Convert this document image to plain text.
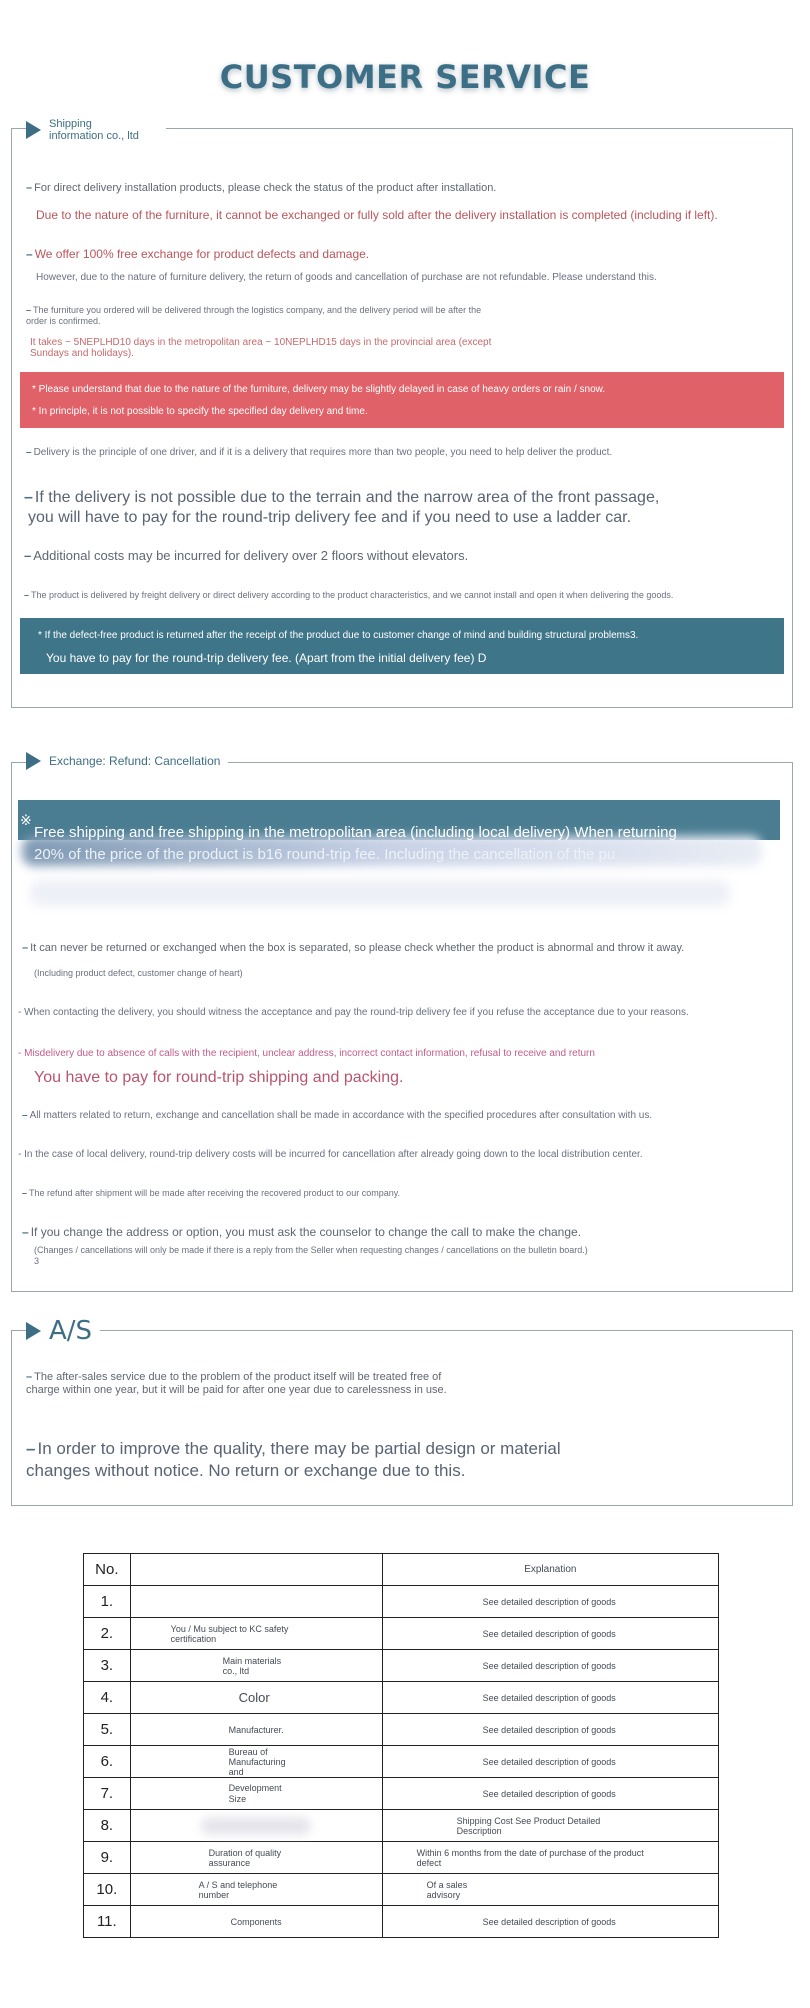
CUSTOMER SERVICE
Shipping information co., ltd
– For direct delivery installation products, please check the status of the product after installation.
Due to the nature of the furniture, it cannot be exchanged or fully sold after the delivery installation is completed (including if left).
– We offer 100% free exchange for product defects and damage.
However, due to the nature of furniture delivery, the return of goods and cancellation of purchase are not refundable. Please understand this.
– The furniture you ordered will be delivered through the logistics company, and the delivery period will be after the order is confirmed.
It takes ~ 5NEPLHD10 days in the metropolitan area ~ 10NEPLHD15 days in the provincial area (except Sundays and holidays).
* Please understand that due to the nature of the furniture, delivery may be slightly delayed in case of heavy orders or rain / snow.
* In principle, it is not possible to specify the specified day delivery and time.
– Delivery is the principle of one driver, and if it is a delivery that requires more than two people, you need to help deliver the product.
– If the delivery is not possible due to the terrain and the narrow area of the front passage,
you will have to pay for the round-trip delivery fee and if you need to use a ladder car.
– Additional costs may be incurred for delivery over 2 floors without elevators.
– The product is delivered by freight delivery or direct delivery according to the product characteristics, and we cannot install and open it when delivering the goods.
* If the defect-free product is returned after the receipt of the product due to customer change of mind and building structural problems3.
You have to pay for the round-trip delivery fee. (Apart from the initial delivery fee) D
Exchange: Refund: Cancellation
※
Free shipping and free shipping in the metropolitan area (including local delivery) When returning
20% of the price of the product is b16 round-trip fee. Including the cancellation of the pu
– It can never be returned or exchanged when the box is separated, so please check whether the product is abnormal and throw it away.
(Including product defect, customer change of heart)
- When contacting the delivery, you should witness the acceptance and pay the round-trip delivery fee if you refuse the acceptance due to your reasons.
- Misdelivery due to absence of calls with the recipient, unclear address, incorrect contact information, refusal to receive and return
You have to pay for round-trip shipping and packing.
– All matters related to return, exchange and cancellation shall be made in accordance with the specified procedures after consultation with us.
- In the case of local delivery, round-trip delivery costs will be incurred for cancellation after already going down to the local distribution center.
– The refund after shipment will be made after receiving the recovered product to our company.
– If you change the address or option, you must ask the counselor to change the call to make the change.
(Changes / cancellations will only be made if there is a reply from the Seller when requesting changes / cancellations on the bulletin board.) 3
A/S
– The after-sales service due to the problem of the product itself will be treated free of charge within one year, but it will be paid for after one year due to carelessness in use.
– In order to improve the quality, there may be partial design or material changes without notice. No return or exchange due to this.
No.		Explanation
1.		See detailed description of goods
2.	You / Mu subject to KC safety certification	See detailed description of goods
3.	Main materials co., ltd	See detailed description of goods
4.	Color	See detailed description of goods
5.	Manufacturer.	See detailed description of goods
6.	Bureau of Manufacturing and	See detailed description of goods
7.	Development Size	See detailed description of goods
8.		Shipping Cost See Product Detailed Description
9.	Duration of quality assurance	Within 6 months from the date of purchase of the product defect
10.	A / S and telephone number	Of a sales advisory
11.	Components	See detailed description of goods
